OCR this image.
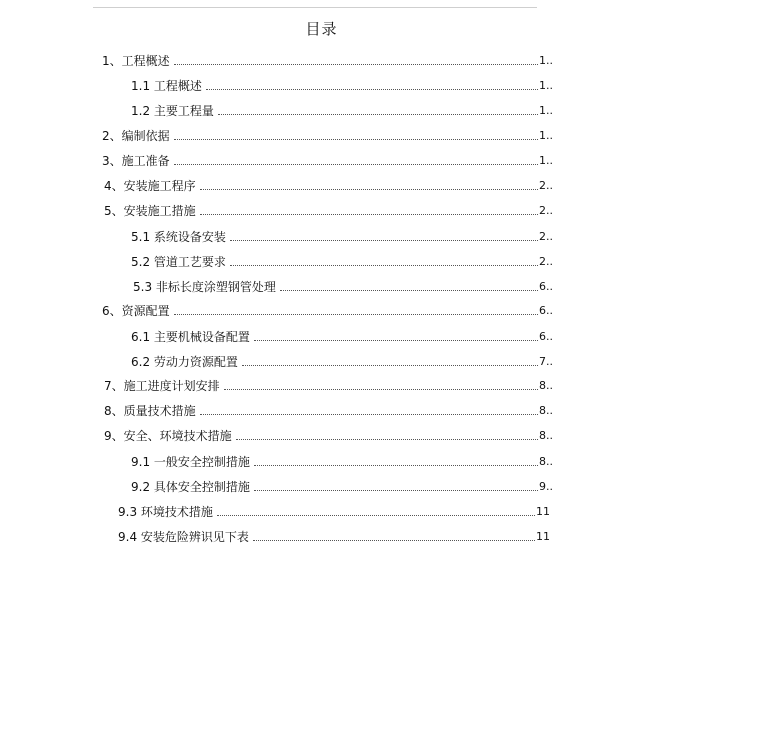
目录
1、工程概述	1..
1.1 工程概述	1..
1.2 主要工程量	1..
2、编制依据	1..
3、施工准备	1..
4、安装施工程序	2..
5、安装施工措施	2..
5.1 系统设备安装	2..
5.2 管道工艺要求	2..
5.3 非标长度涂塑钢管处理	6..
6、资源配置	6..
6.1 主要机械设备配置	6..
6.2 劳动力资源配置	7..
7、施工进度计划安排	8..
8、质量技术措施	8..
9、安全、环境技术措施	8..
9.1 一般安全控制措施	8..
9.2 具体安全控制措施	9..
9.3 环境技术措施	11
9.4 安装危险辨识见下表	11
